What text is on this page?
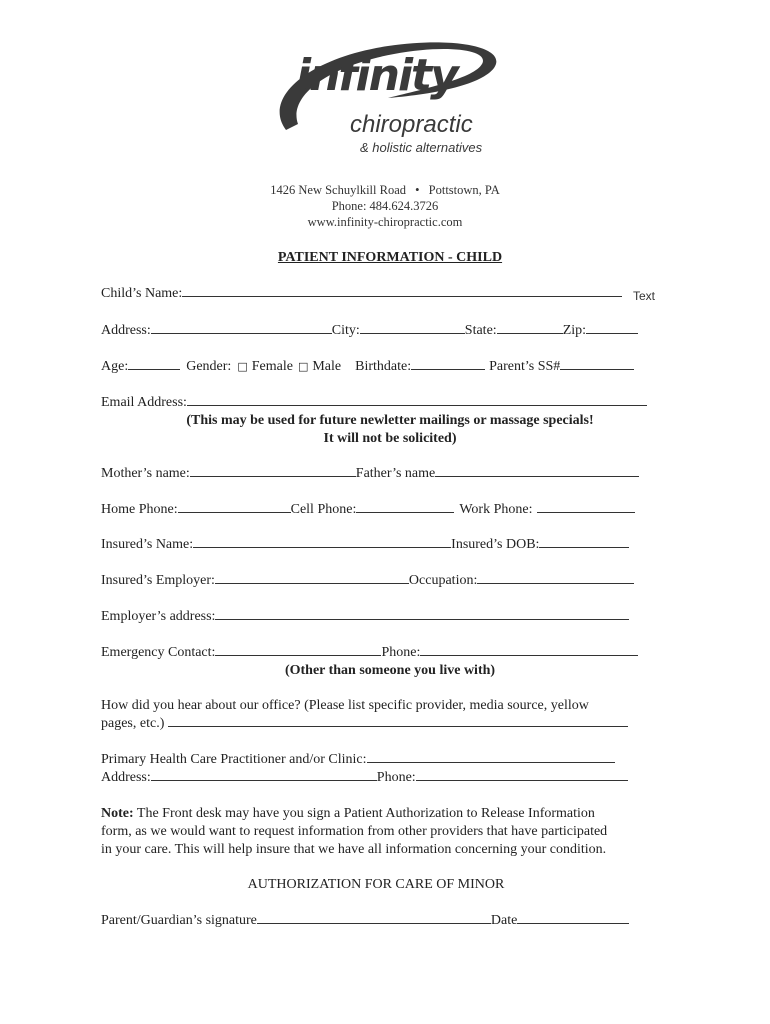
infinity
chiropractic
& holistic alternatives
1426 New Schuylkill Road • Pottstown, PA
Phone: 484.624.3726
www.infinity-chiropractic.com
PATIENT INFORMATION - CHILD
Child’s Name:	Text
Address:	City:	State:	Zip:
Age:	Gender: □ Female □ Male Birthdate:	Parent’s SS#
Email Address:
(This may be used for future newletter mailings or massage specials!
It will not be solicited)
Mother’s name:	Father’s name
Home Phone:	Cell Phone:	Work Phone:
Insured’s Name:	Insured’s DOB:
Insured’s Employer:	Occupation:
Employer’s address:
Emergency Contact:	Phone:
(Other than someone you live with)
How did you hear about our office? (Please list specific provider, media source, yellow
pages, etc.)
Primary Health Care Practitioner and/or Clinic:
Address:	Phone:
Note: The Front desk may have you sign a Patient Authorization to Release Information
form, as we would want to request information from other providers that have participated
in your care. This will help insure that we have all information concerning your condition.
AUTHORIZATION FOR CARE OF MINOR
Parent/Guardian’s signature	Date
